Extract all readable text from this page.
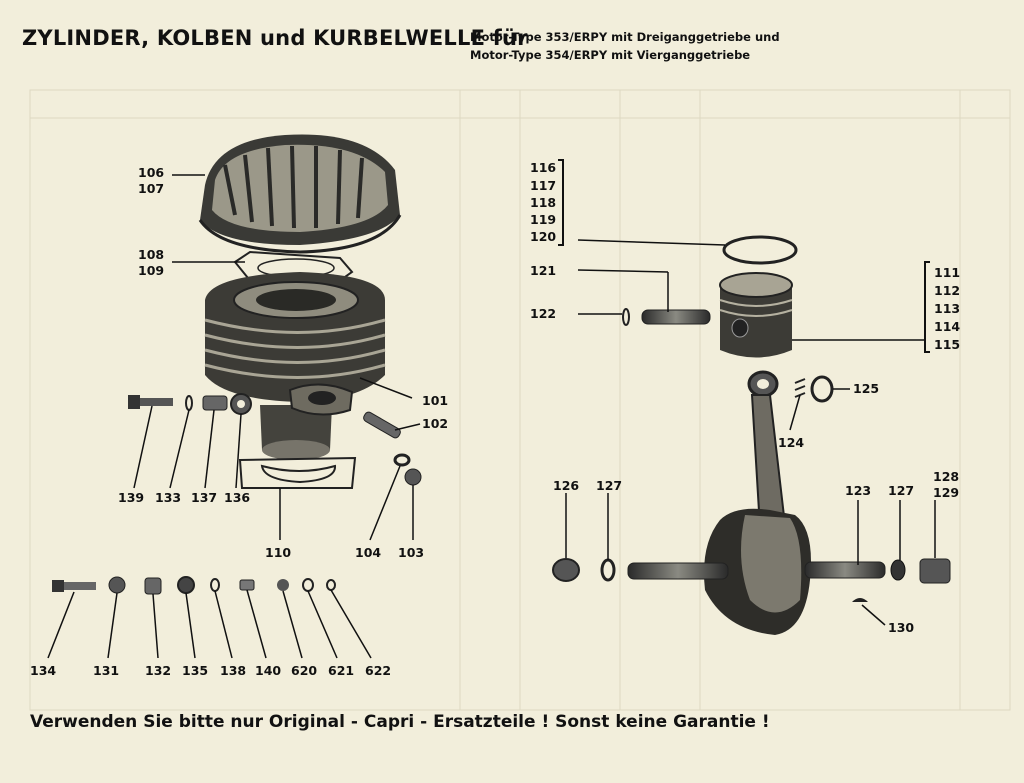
ZYLINDER, KOLBEN und KURBELWELLE für
Motor-Type 353/ERPY mit Dreiganggetriebe und
Motor-Type 354/ERPY mit Vierganggetriebe
106
107
108
109
101
102
103
104
110
139 133 137 136
134	131 132 135 138 140 620 621 622
116
117
118
119
120
121
122
111
112
113
114
115
125
124
126 127	123 127
128
129
130
Verwenden Sie bitte nur Original - Capri - Ersatzteile ! Sonst keine Garantie !
